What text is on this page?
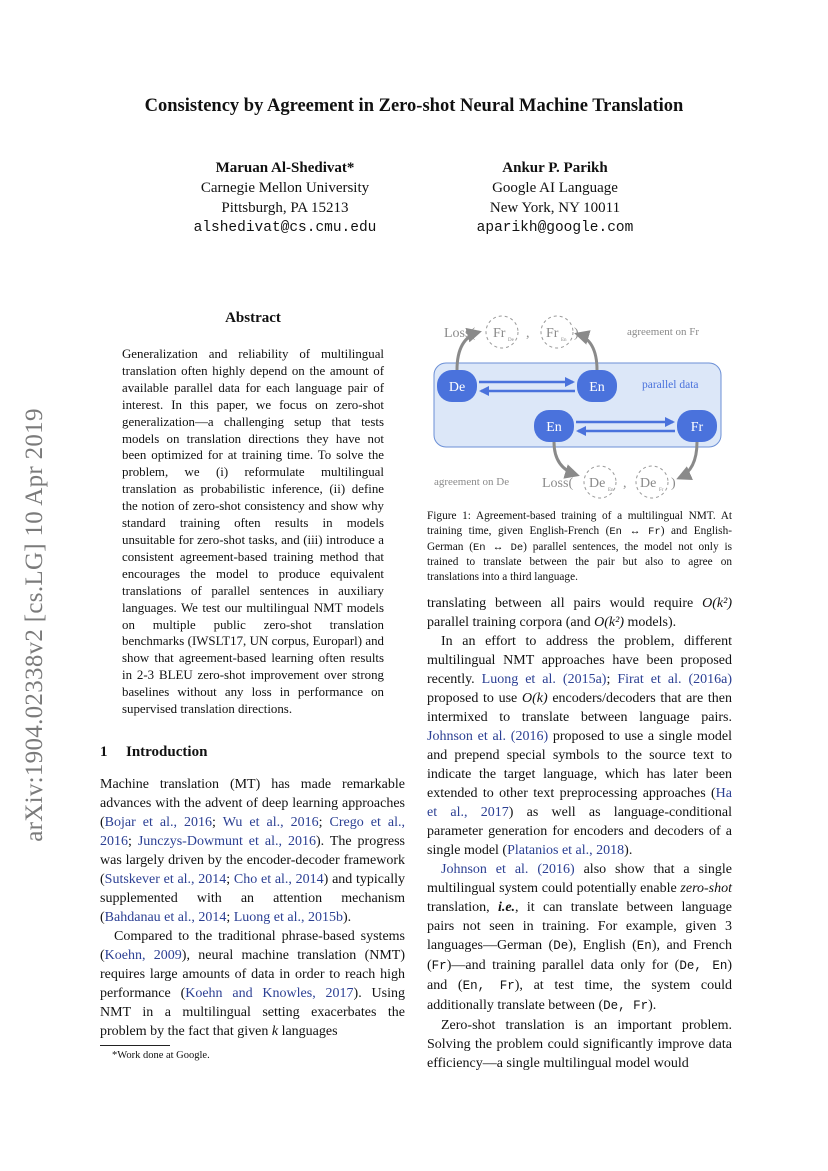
arXiv:1904.02338v2 [cs.LG] 10 Apr 2019
Consistency by Agreement in Zero-shot Neural Machine Translation
Maruan Al-Shedivat*
Carnegie Mellon University
Pittsburgh, PA 15213
alshedivat@cs.cmu.edu
Ankur P. Parikh
Google AI Language
New York, NY 10011
aparikh@google.com
Abstract
Generalization and reliability of multilingual translation often highly depend on the amount of available parallel data for each language pair of interest. In this paper, we focus on zero-shot generalization—a challenging setup that tests models on translation directions they have not been optimized for at training time. To solve the problem, we (i) reformulate multilingual translation as probabilistic inference, (ii) define the notion of zero-shot consistency and show why standard training often results in models unsuitable for zero-shot tasks, and (iii) introduce a consistent agreement-based training method that encourages the model to produce equivalent translations of parallel sentences in auxiliary languages. We test our multilingual NMT models on multiple public zero-shot translation benchmarks (IWSLT17, UN corpus, Europarl) and show that agreement-based learning often results in 2-3 BLEU zero-shot improvement over strong baselines without any loss in performance on supervised translation directions.
1 Introduction

Machine translation (MT) has made remarkable advances with the advent of deep learning approaches (Bojar et al., 2016; Wu et al., 2016; Crego et al., 2016; Junczys-Dowmunt et al., 2016). The progress was largely driven by the encoder-decoder framework (Sutskever et al., 2014; Cho et al., 2014) and typically supplemented with an attention mechanism (Bahdanau et al., 2014; Luong et al., 2015b).

Compared to the traditional phrase-based systems (Koehn, 2009), neural machine translation (NMT) requires large amounts of data in order to reach high performance (Koehn and Knowles, 2017). Using NMT in a multilingual setting exacerbates the problem by the fact that given k languages

*Work done at Google.
De	En
En	Fr
Loss( Fr De , Fr En )	agreement on Fr
parallel data
agreement on De Loss( De En , De Fr )
Figure 1: Agreement-based training of a multilingual NMT. At training time, given English-French (En ↔ Fr) and English-German (En ↔ De) parallel sentences, the model not only is trained to translate between the pair but also to agree on translations into a third language.

translating between all pairs would require O(k²) parallel training corpora (and O(k²) models).

In an effort to address the problem, different multilingual NMT approaches have been proposed recently. Luong et al. (2015a); Firat et al. (2016a) proposed to use O(k) encoders/decoders that are then intermixed to translate between language pairs. Johnson et al. (2016) proposed to use a single model and prepend special symbols to the source text to indicate the target language, which has later been extended to other text preprocessing approaches (Ha et al., 2017) as well as language-conditional parameter generation for encoders and decoders of a single model (Platanios et al., 2018).

Johnson et al. (2016) also show that a single multilingual system could potentially enable zero-shot translation, i.e., it can translate between language pairs not seen in training. For example, given 3 languages—German (De), English (En), and French (Fr)—and training parallel data only for (De, En) and (En, Fr), at test time, the system could additionally translate between (De, Fr).

Zero-shot translation is an important problem. Solving the problem could significantly improve data efficiency—a single multilingual model would
